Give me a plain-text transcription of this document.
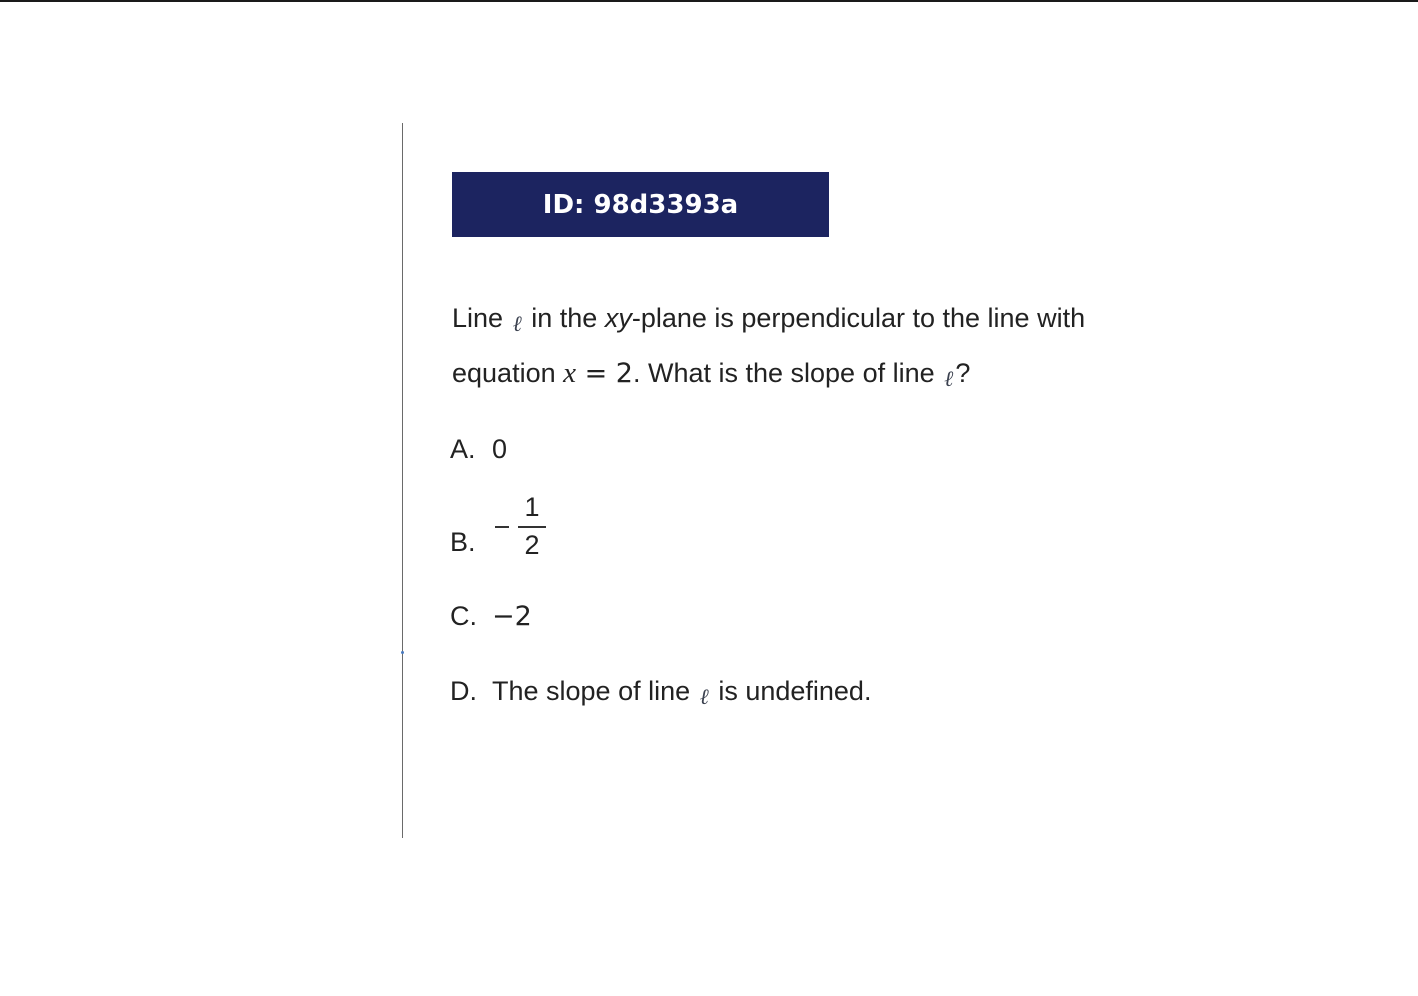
ID: 98d3393a
Line ℓ in the xy-plane is perpendicular to the line with equation x = 2. What is the slope of line ℓ?
A. 0
B.
1
2
C. −2
D. The slope of line ℓ is undefined.
